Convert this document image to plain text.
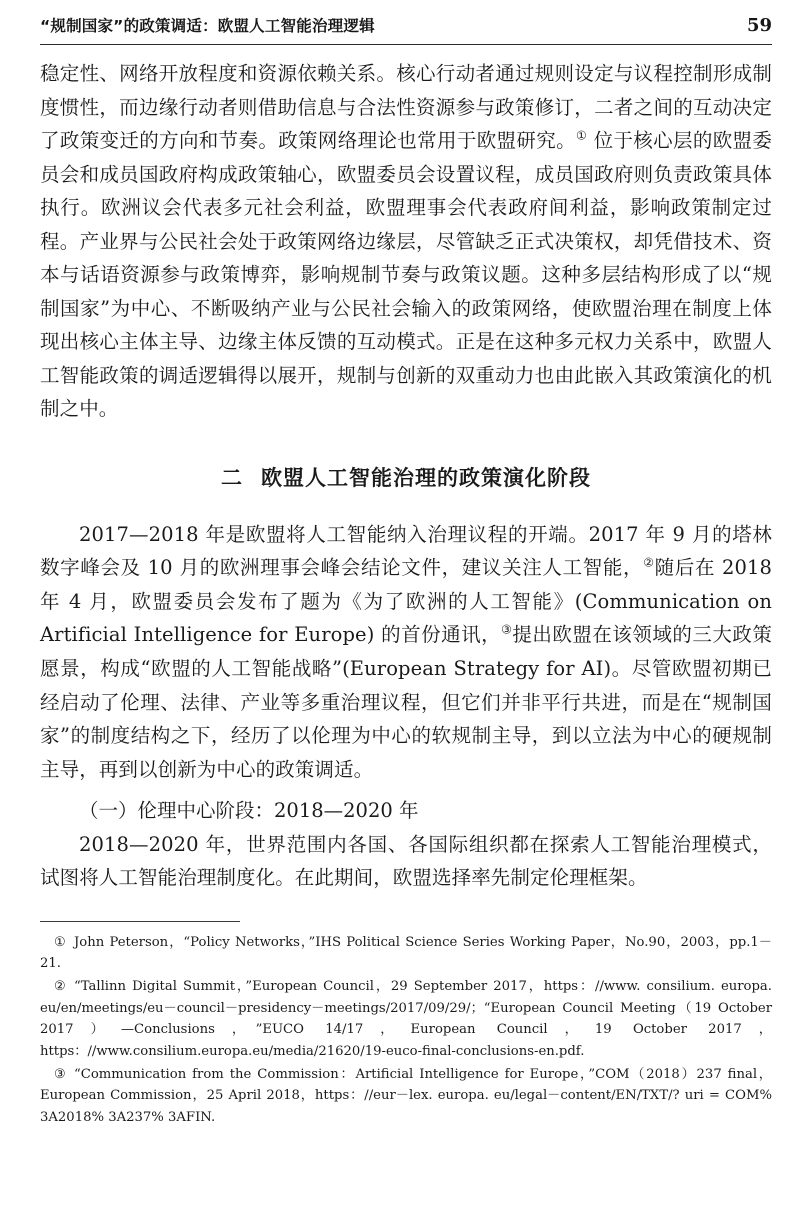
“规制国家”的政策调适：欧盟人工智能治理逻辑	59

稳定性、网络开放程度和资源依赖关系。核心行动者通过规则设定与议程控制形成制度惯性，而边缘行动者则借助信息与合法性资源参与政策修订，二者之间的互动决定了政策变迁的方向和节奏。政策网络理论也常用于欧盟研究。① 位于核心层的欧盟委员会和成员国政府构成政策轴心，欧盟委员会设置议程，成员国政府则负责政策具体执行。欧洲议会代表多元社会利益，欧盟理事会代表政府间利益，影响政策制定过程。产业界与公民社会处于政策网络边缘层，尽管缺乏正式决策权，却凭借技术、资本与话语资源参与政策博弈，影响规制节奏与政策议题。这种多层结构形成了以“规制国家”为中心、不断吸纳产业与公民社会输入的政策网络，使欧盟治理在制度上体现出核心主体主导、边缘主体反馈的互动模式。正是在这种多元权力关系中，欧盟人工智能政策的调适逻辑得以展开，规制与创新的双重动力也由此嵌入其政策演化的机制之中。

二 欧盟人工智能治理的政策演化阶段

2017—2018 年是欧盟将人工智能纳入治理议程的开端。2017 年 9 月的塔林数字峰会及 10 月的欧洲理事会峰会结论文件，建议关注人工智能，②随后在 2018 年 4 月，欧盟委员会发布了题为《为了欧洲的人工智能》(Communication on Artificial Intelligence for Europe) 的首份通讯，③提出欧盟在该领域的三大政策愿景，构成“欧盟的人工智能战略”(European Strategy for AI)。尽管欧盟初期已经启动了伦理、法律、产业等多重治理议程，但它们并非平行共进，而是在“规制国家”的制度结构之下，经历了以伦理为中心的软规制主导，到以立法为中心的硬规制主导，再到以创新为中心的政策调适。

（一）伦理中心阶段：2018—2020 年

2018—2020 年，世界范围内各国、各国际组织都在探索人工智能治理模式，试图将人工智能治理制度化。在此期间，欧盟选择率先制定伦理框架。

① John Peterson，“Policy Networks，”IHS Political Science Series Working Paper，No.90，2003，pp.1－21.

② “Tallinn Digital Summit，”European Council，29 September 2017，https：//www. consilium. europa. eu/en/meetings/eu－council－presidency－meetings/2017/09/29/；“European Council Meeting（19 October 2017）—Conclusions，”EUCO 14/17，European Council，19 October 2017，https：//www.consilium.europa.eu/media/21620/19-euco-final-conclusions-en.pdf.

③ “Communication from the Commission：Artificial Intelligence for Europe，”COM（2018）237 final，European Commission，25 April 2018，https：//eur－lex. europa. eu/legal－content/EN/TXT/? uri = COM% 3A2018% 3A237% 3AFIN.
